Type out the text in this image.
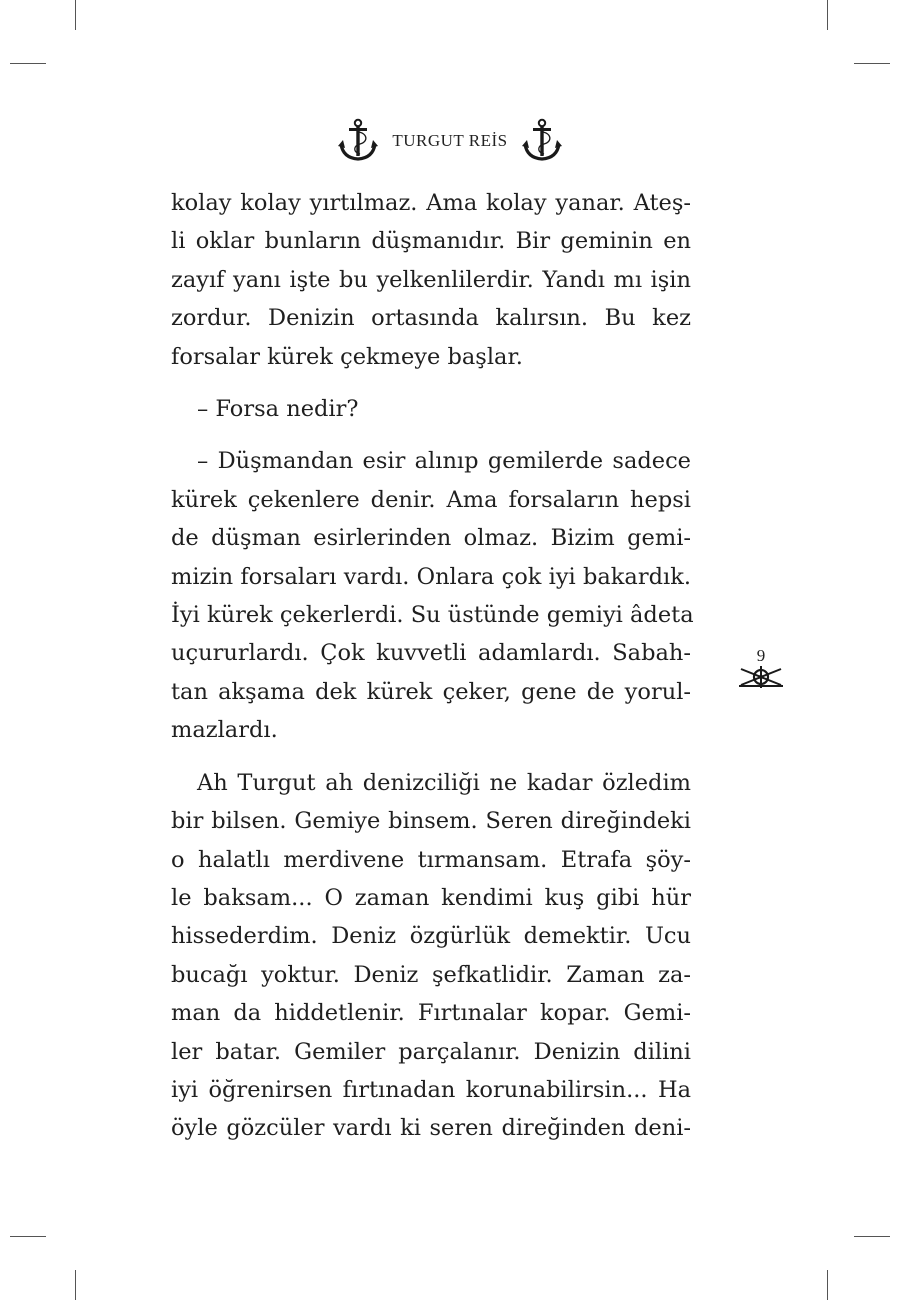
TURGUT REİS

kolay kolay yırtılmaz. Ama kolay yanar. Ateş-
li oklar bunların düşmanıdır. Bir geminin en
zayıf yanı işte bu yelkenlilerdir. Yandı mı işin
zordur. Denizin ortasında kalırsın. Bu kez
forsalar kürek çekmeye başlar.

– Forsa nedir?

– Düşmandan esir alınıp gemilerde sadece
kürek çekenlere denir. Ama forsaların hepsi
de düşman esirlerinden olmaz. Bizim gemi-
mizin forsaları vardı. Onlara çok iyi bakardık.
İyi kürek çekerlerdi. Su üstünde gemiyi âdeta
uçururlardı. Çok kuvvetli adamlardı. Sabah-
tan akşama dek kürek çeker, gene de yorul-
mazlardı.

Ah Turgut ah denizciliği ne kadar özledim
bir bilsen. Gemiye binsem. Seren direğindeki
o halatlı merdivene tırmansam. Etrafa şöy-
le baksam... O zaman kendimi kuş gibi hür
hissederdim. Deniz özgürlük demektir. Ucu
bucağı yoktur. Deniz şefkatlidir. Zaman za-
man da hiddetlenir. Fırtınalar kopar. Gemi-
ler batar. Gemiler parçalanır. Denizin dilini
iyi öğrenirsen fırtınadan korunabilirsin... Ha
öyle gözcüler vardı ki seren direğinden deni-

9
